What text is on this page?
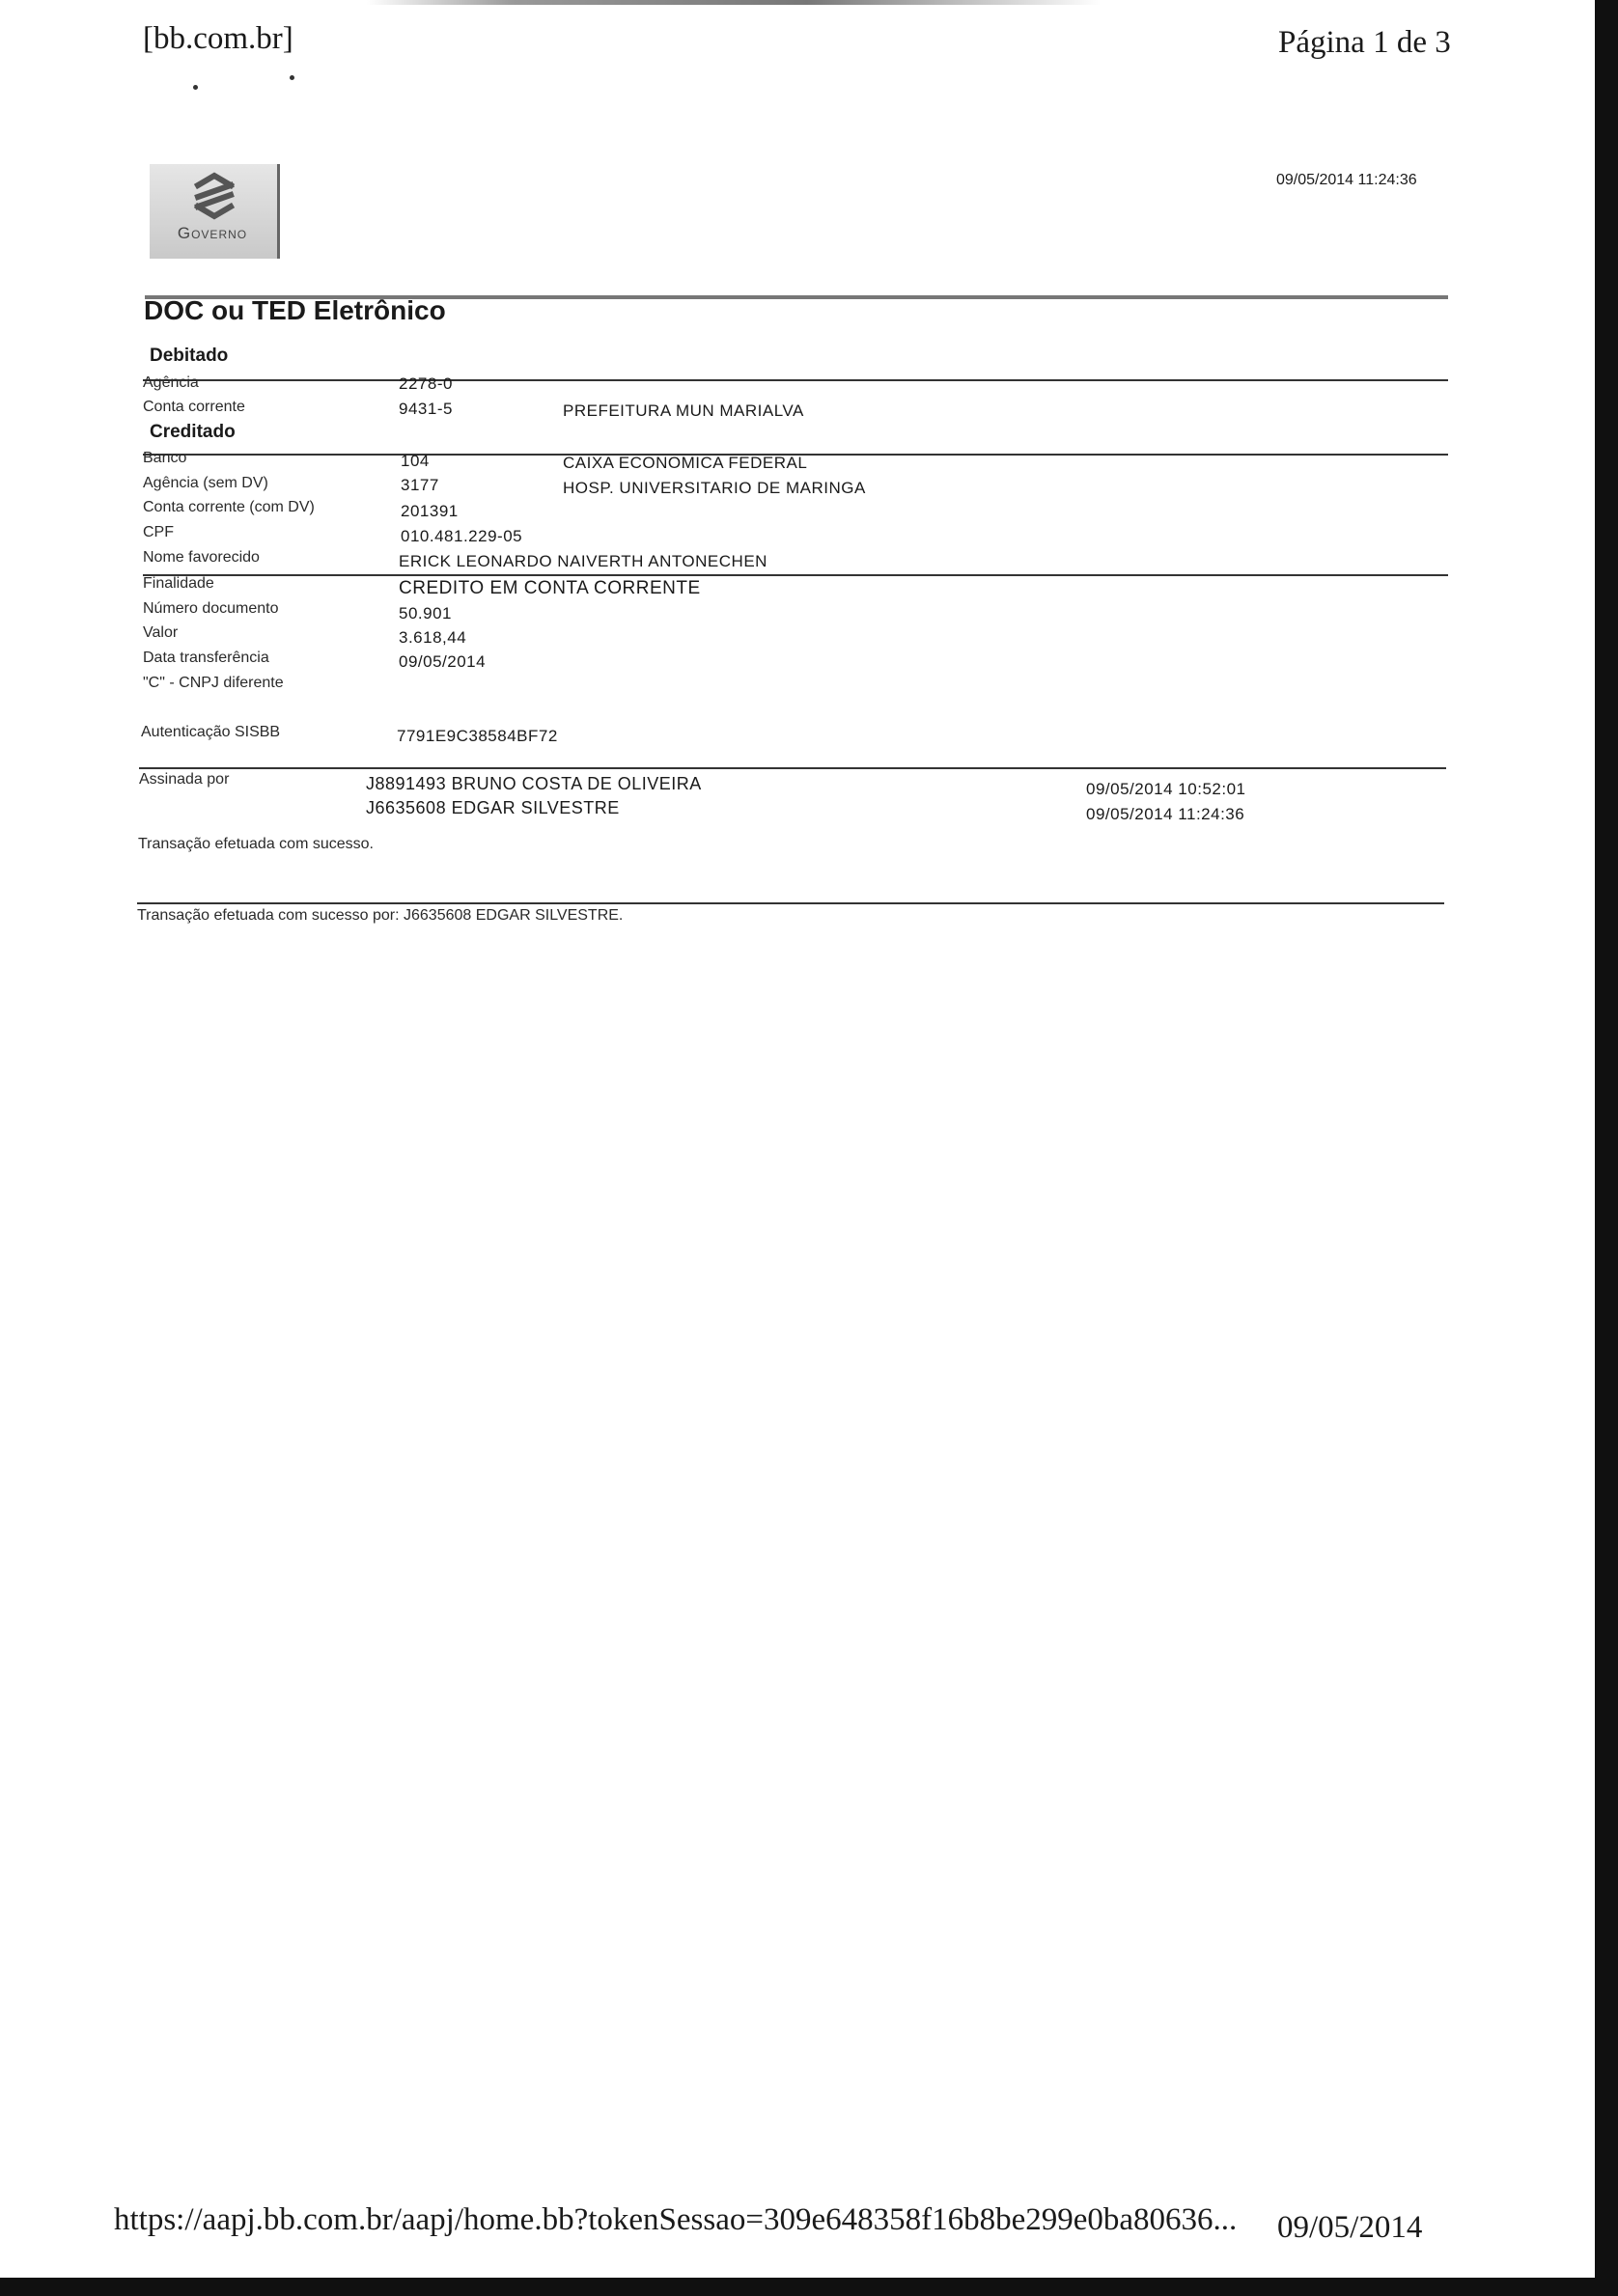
[bb.com.br]	Página 1 de 3
Governo
09/05/2014 11:24:36
DOC ou TED Eletrônico
Debitado
Agência	2278-0
Conta corrente	9431-5	PREFEITURA MUN MARIALVA
Creditado
Banco	104	CAIXA ECONOMICA FEDERAL
Agência (sem DV)	3177	HOSP. UNIVERSITARIO DE MARINGA
Conta corrente (com DV)	201391
CPF	010.481.229-05
Nome favorecido	ERICK LEONARDO NAIVERTH ANTONECHEN
Finalidade	CREDITO EM CONTA CORRENTE
Número documento	50.901
Valor	3.618,44
Data transferência	09/05/2014
"C" - CNPJ diferente
Autenticação SISBB	7791E9C38584BF72
Assinada por	J8891493 BRUNO COSTA DE OLIVEIRA	09/05/2014 10:52:01
J6635608 EDGAR SILVESTRE	09/05/2014 11:24:36
Transação efetuada com sucesso.
Transação efetuada com sucesso por: J6635608 EDGAR SILVESTRE.
https://aapj.bb.com.br/aapj/home.bb?tokenSessao=309e648358f16b8be299e0ba80636... 09/05/2014
